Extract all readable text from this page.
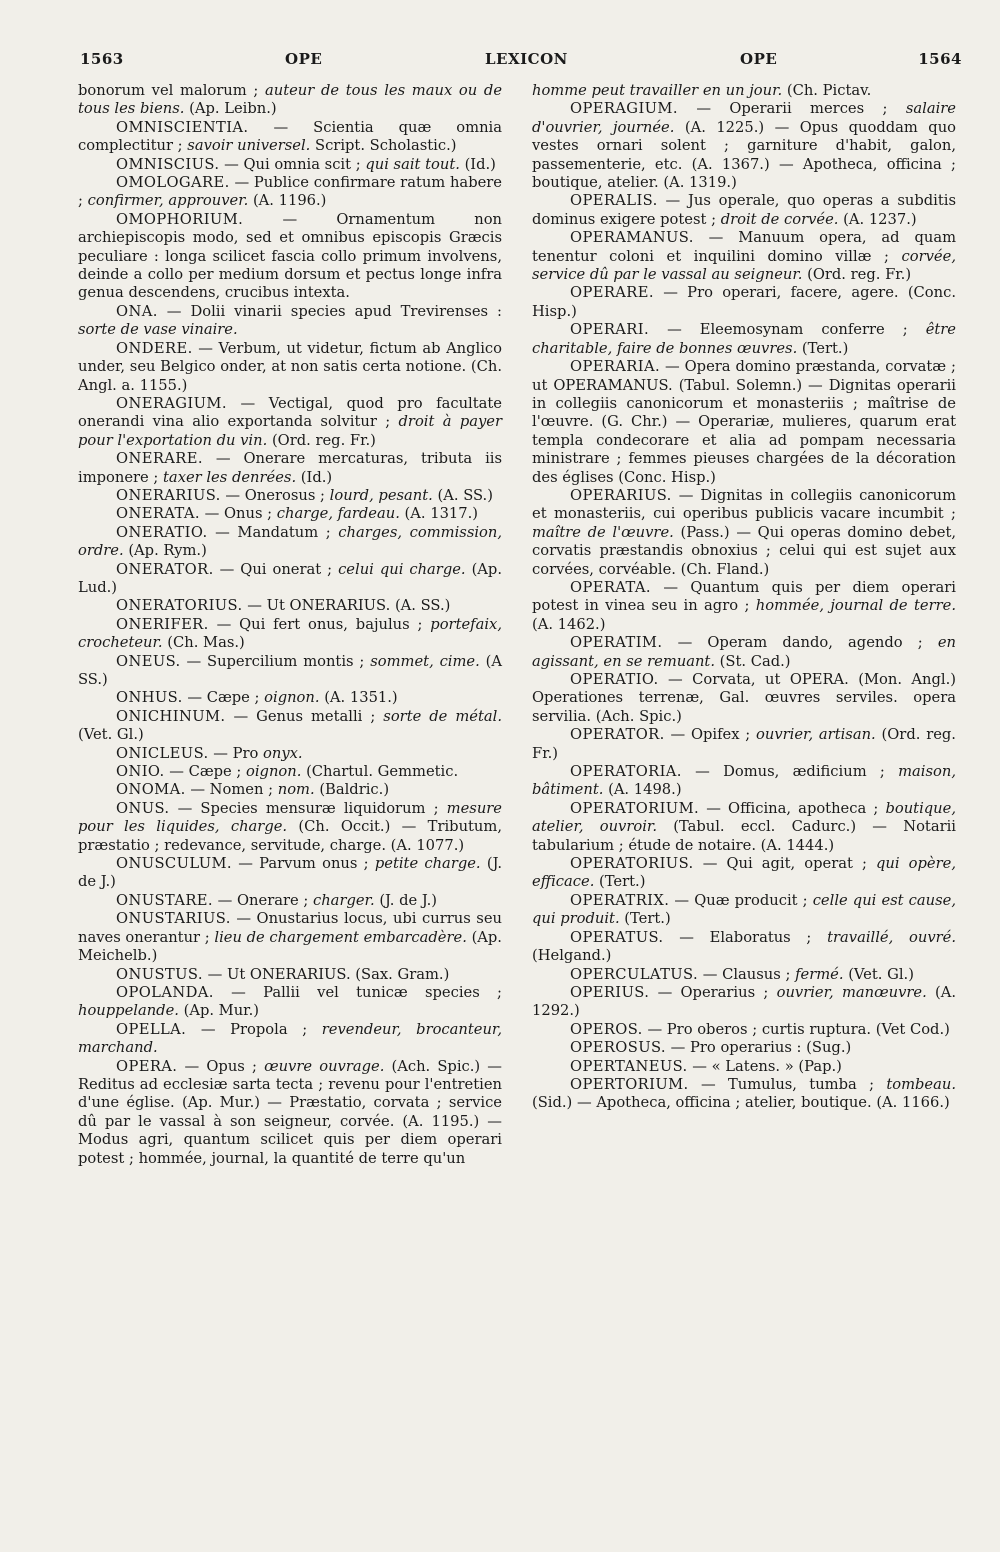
1563	OPE	LEXICON	OPE	1564

bonorum vel malorum ; auteur de tous les maux ou de tous les biens. (Ap. Leibn.)

OMNISCIENTIA. — Scientia quæ omnia complectitur ; savoir universel. Script. Scholastic.)

OMNISCIUS. — Qui omnia scit ; qui sait tout. (Id.)

OMOLOGARE. — Publice confirmare ratum habere ; confirmer, approuver. (A. 1196.)

OMOPHORIUM.	— Ornamentum non archiepiscopis modo, sed et omnibus episcopis Græcis peculiare : longa scilicet fascia collo primum involvens, deinde a collo per medium dorsum et pectus longe infra genua descendens, crucibus intexta.

ONA. — Dolii vinarii species apud Trevirenses : sorte de vase vinaire.

ONDERE. — Verbum, ut videtur, fictum ab Anglico under, seu Belgico onder, at non satis certa notione. (Ch. Angl. a. 1155.)

ONERAGIUM. — Vectigal, quod pro facultate onerandi vina alio exportanda solvitur ; droit à payer pour l'exportation du vin. (Ord. reg. Fr.)

ONERARE. — Onerare mercaturas, tributa iis imponere ; taxer les denrées. (Id.)

ONERARIUS. — Onerosus ; lourd, pesant. (A. SS.)

ONERATA. — Onus ; charge, fardeau. (A. 1317.)

ONERATIO. — Mandatum ; charges, commission, ordre. (Ap. Rym.)

ONERATOR. — Qui onerat ; celui qui charge. (Ap. Lud.)

ONERATORIUS. — Ut ONERARIUS. (A. SS.)

ONERIFER. — Qui fert onus, bajulus ; portefaix, crocheteur. (Ch. Mas.)

ONEUS. — Supercilium montis ; sommet, cime. (A SS.)

ONHUS. — Cæpe ; oignon. (A. 1351.)

ONICHINUM. — Genus metalli ; sorte de métal. (Vet. Gl.)

ONICLEUS. — Pro onyx.

ONIO. — Cæpe ; oignon. (Chartul. Gemmetic.

ONOMA. — Nomen ; nom. (Baldric.)

ONUS. — Species mensuræ liquidorum ; mesure pour les liquides, charge. (Ch. Occit.) — Tributum, præstatio ; redevance, servitude, charge. (A. 1077.)

ONUSCULUM. — Parvum onus ; petite charge. (J. de J.)

ONUSTARE. — Onerare ; charger. (J. de J.)

ONUSTARIUS. — Onustarius locus, ubi currus seu naves onerantur ; lieu de chargement embarcadère. (Ap. Meichelb.)

ONUSTUS. — Ut ONERARIUS. (Sax. Gram.)

OPOLANDA. — Pallii vel tunicæ species ; houppelande. (Ap. Mur.)

OPELLA. — Propola ; revendeur, brocanteur, marchand.

OPERA. — Opus ; œuvre ouvrage. (Ach. Spic.) — Reditus ad ecclesiæ sarta tecta ; revenu pour l'entretien d'une église. (Ap. Mur.) — Præstatio, corvata ; service dû par le vassal à son seigneur, corvée. (A. 1195.) — Modus agri, quantum scilicet quis per diem operari potest ; hommée, journal, la quantité de terre qu'un

homme peut travailler en un jour. (Ch. Pictav.

OPERAGIUM. — Operarii merces ; salaire d'ouvrier, journée. (A. 1225.) — Opus quoddam quo vestes ornari solent ; garniture d'habit, galon, passementerie, etc. (A. 1367.) — Apotheca, officina ; boutique, atelier. (A. 1319.)

OPERALIS. — Jus operale, quo operas a subditis dominus exigere potest ; droit de corvée. (A. 1237.)

OPERAMANUS. — Manuum opera, ad quam tenentur coloni et inquilini domino villæ ; corvée, service dû par le vassal au seigneur. (Ord. reg. Fr.)

OPERARE. — Pro operari, facere, agere. (Conc. Hisp.)

OPERARI. — Eleemosynam conferre ; être charitable, faire de bonnes œuvres. (Tert.)

OPERARIA. — Opera domino præstanda, corvatæ ; ut OPERAMANUS. (Tabul. Solemn.) — Dignitas operarii in collegiis canonicorum et monasteriis ; maîtrise de l'œuvre. (G. Chr.) — Operariæ, mulieres, quarum erat templa condecorare et alia ad pompam necessaria ministrare ; femmes pieuses chargées de la décoration des églises (Conc. Hisp.)

OPERARIUS. — Dignitas in collegiis canonicorum et monasteriis, cui operibus publicis vacare incumbit ; maître de l'œuvre. (Pass.) — Qui operas domino debet, corvatis præstandis obnoxius ; celui qui est sujet aux corvées, corvéable. (Ch. Fland.)

OPERATA. — Quantum quis per diem operari potest in vinea seu in agro ; hommée, journal de terre. (A. 1462.)

OPERATIM. — Operam dando, agendo ; en agissant, en se remuant. (St. Cad.)

OPERATIO. — Corvata, ut OPERA. (Mon. Angl.) Operationes terrenæ, Gal. œuvres serviles. opera servilia. (Ach. Spic.)

OPERATOR. — Opifex ; ouvrier, artisan. (Ord. reg. Fr.)

OPERATORIA. — Domus, ædificium ; maison, bâtiment. (A. 1498.)

OPERATORIUM. — Officina, apotheca ; boutique, atelier, ouvroir. (Tabul. eccl. Cadurc.) — Notarii tabularium ; étude de notaire. (A. 1444.)

OPERATORIUS. — Qui agit, operat ; qui opère, efficace. (Tert.)

OPERATRIX. — Quæ producit ; celle qui est cause, qui produit. (Tert.)

OPERATUS. — Elaboratus ; travaillé, ouvré. (Helgand.)

OPERCULATUS. — Clausus ; fermé. (Vet. Gl.)

OPERIUS. — Operarius ; ouvrier, manœuvre. (A. 1292.)

OPEROS. — Pro oberos ; curtis ruptura. (Vet Cod.)

OPEROSUS. — Pro operarius : (Sug.)

OPERTANEUS. — « Latens. » (Pap.)

OPERTORIUM. — Tumulus, tumba ; tombeau. (Sid.) — Apotheca, officina ; atelier, boutique. (A. 1166.)
